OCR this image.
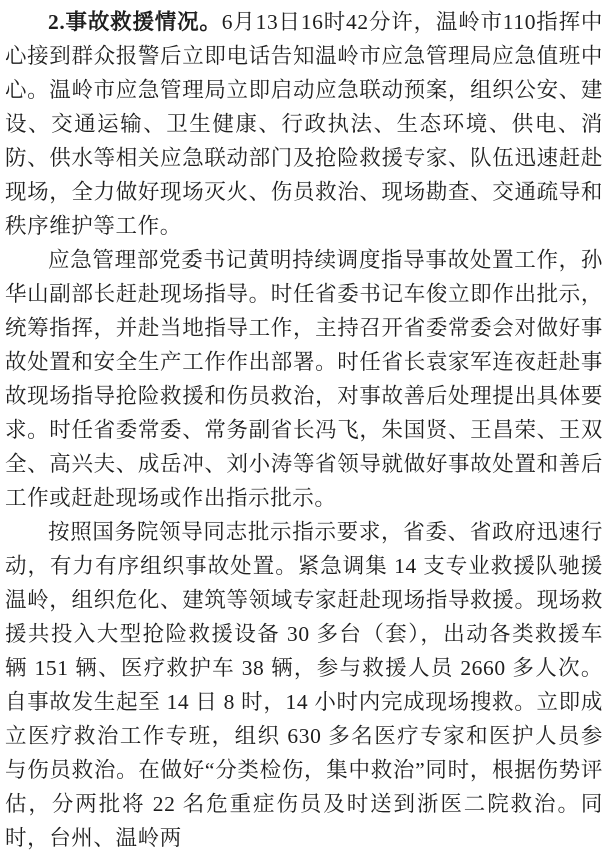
2.事故救援情况。6月13日16时42分许，温岭市110指挥中心接到群众报警后立即电话告知温岭市应急管理局应急值班中心。温岭市应急管理局立即启动应急联动预案，组织公安、建设、交通运输、卫生健康、行政执法、生态环境、供电、消防、供水等相关应急联动部门及抢险救援专家、队伍迅速赶赴现场，全力做好现场灭火、伤员救治、现场勘查、交通疏导和秩序维护等工作。

应急管理部党委书记黄明持续调度指导事故处置工作，孙华山副部长赶赴现场指导。时任省委书记车俊立即作出批示，统筹指挥，并赴当地指导工作，主持召开省委常委会对做好事故处置和安全生产工作作出部署。时任省长袁家军连夜赶赴事故现场指导抢险救援和伤员救治，对事故善后处理提出具体要求。时任省委常委、常务副省长冯飞，朱国贤、王昌荣、王双全、高兴夫、成岳冲、刘小涛等省领导就做好事故处置和善后工作或赶赴现场或作出指示批示。

按照国务院领导同志批示指示要求，省委、省政府迅速行动，有力有序组织事故处置。紧急调集 14 支专业救援队驰援温岭，组织危化、建筑等领域专家赶赴现场指导救援。现场救援共投入大型抢险救援设备 30 多台（套），出动各类救援车辆 151 辆、医疗救护车 38 辆，参与救援人员 2660 多人次。自事故发生起至 14 日 8 时，14 小时内完成现场搜救。立即成立医疗救治工作专班，组织 630 多名医疗专家和医护人员参与伤员救治。在做好“分类检伤，集中救治”同时，根据伤势评估，分两批将 22 名危重症伤员及时送到浙医二院救治。同时，台州、温岭两
